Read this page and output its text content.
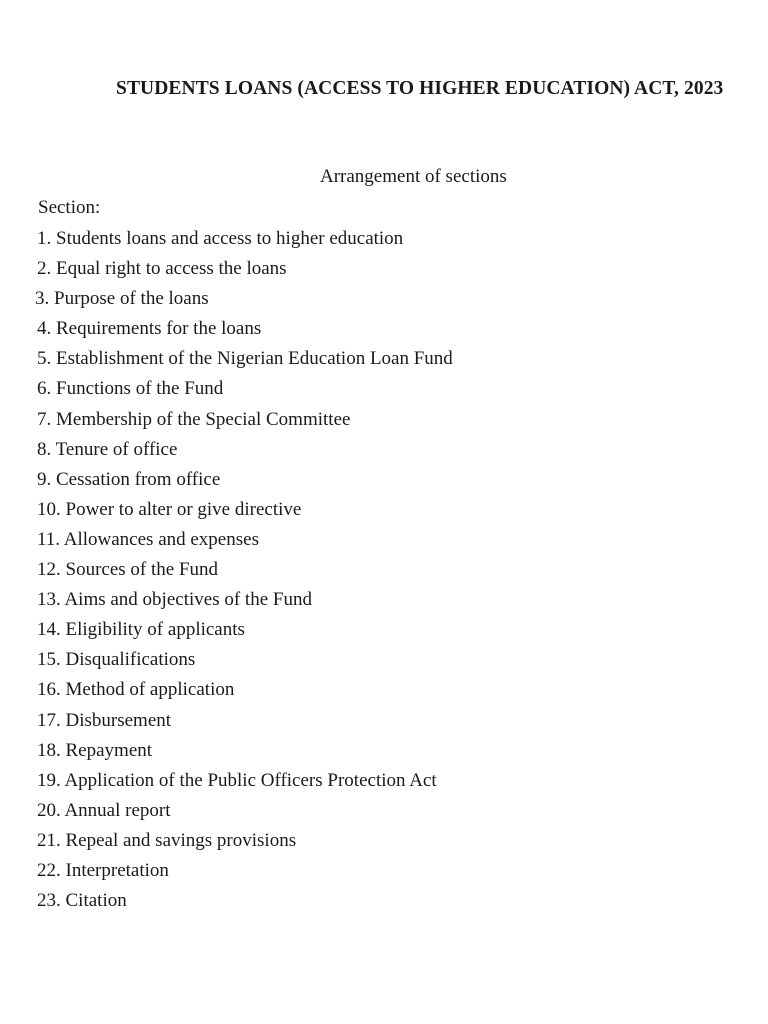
STUDENTS LOANS (ACCESS TO HIGHER EDUCATION) ACT, 2023
Arrangement of sections
Section:
1. Students loans and access to higher education
2. Equal right to access the loans
3. Purpose of the loans
4. Requirements for the loans
5. Establishment of the Nigerian Education Loan Fund
6. Functions of the Fund
7. Membership of the Special Committee
8. Tenure of office
9. Cessation from office
10. Power to alter or give directive
11. Allowances and expenses
12. Sources of the Fund
13. Aims and objectives of the Fund
14. Eligibility of applicants
15. Disqualifications
16. Method of application
17. Disbursement
18. Repayment
19. Application of the Public Officers Protection Act
20. Annual report
21. Repeal and savings provisions
22. Interpretation
23. Citation
